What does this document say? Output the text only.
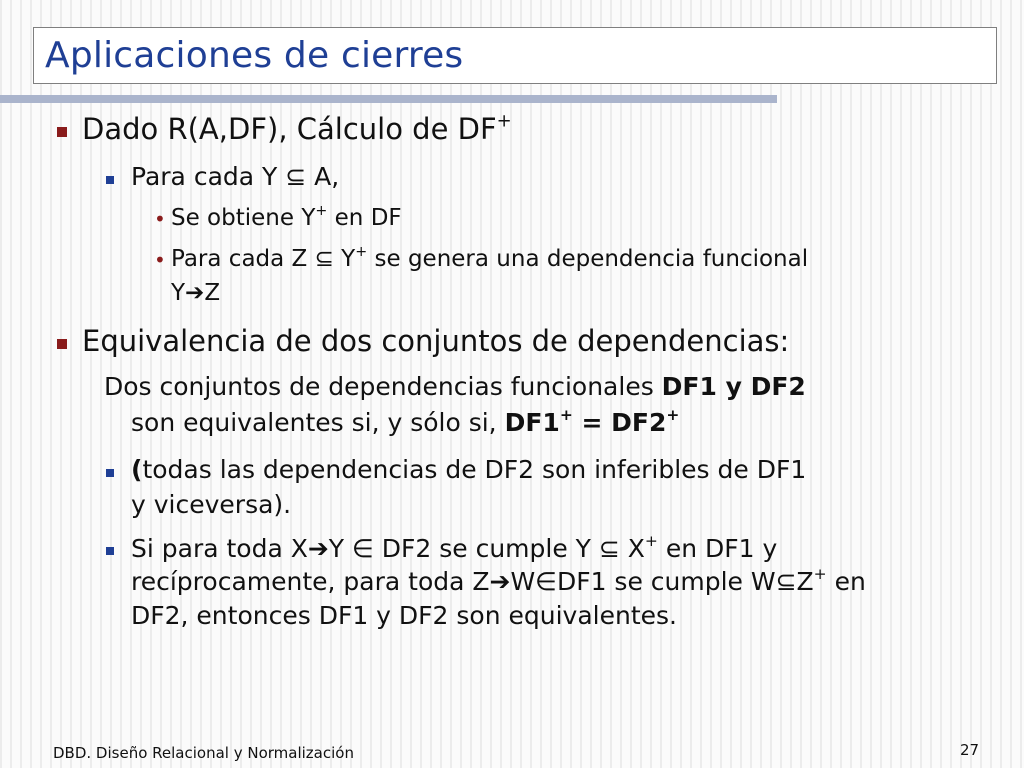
Aplicaciones de cierres
Dado R(A,DF), Cálculo de DF+
Para cada Y ⊆ A,
• Se obtiene Y+ en DF
• Para cada Z ⊆ Y+ se genera una dependencia funcional
Y➔Z
Equivalencia de dos conjuntos de dependencias:
Dos conjuntos de dependencias funcionales DF1 y DF2
son equivalentes si, y sólo si, DF1+ = DF2+
(todas las dependencias de DF2 son inferibles de DF1
y viceversa).
Si para toda X➔Y ∈ DF2 se cumple Y ⊆ X+ en DF1 y
recíprocamente, para toda Z➔W∈DF1 se cumple W⊆Z+ en
DF2, entonces DF1 y DF2 son equivalentes.
DBD. Diseño Relacional y Normalización	27
